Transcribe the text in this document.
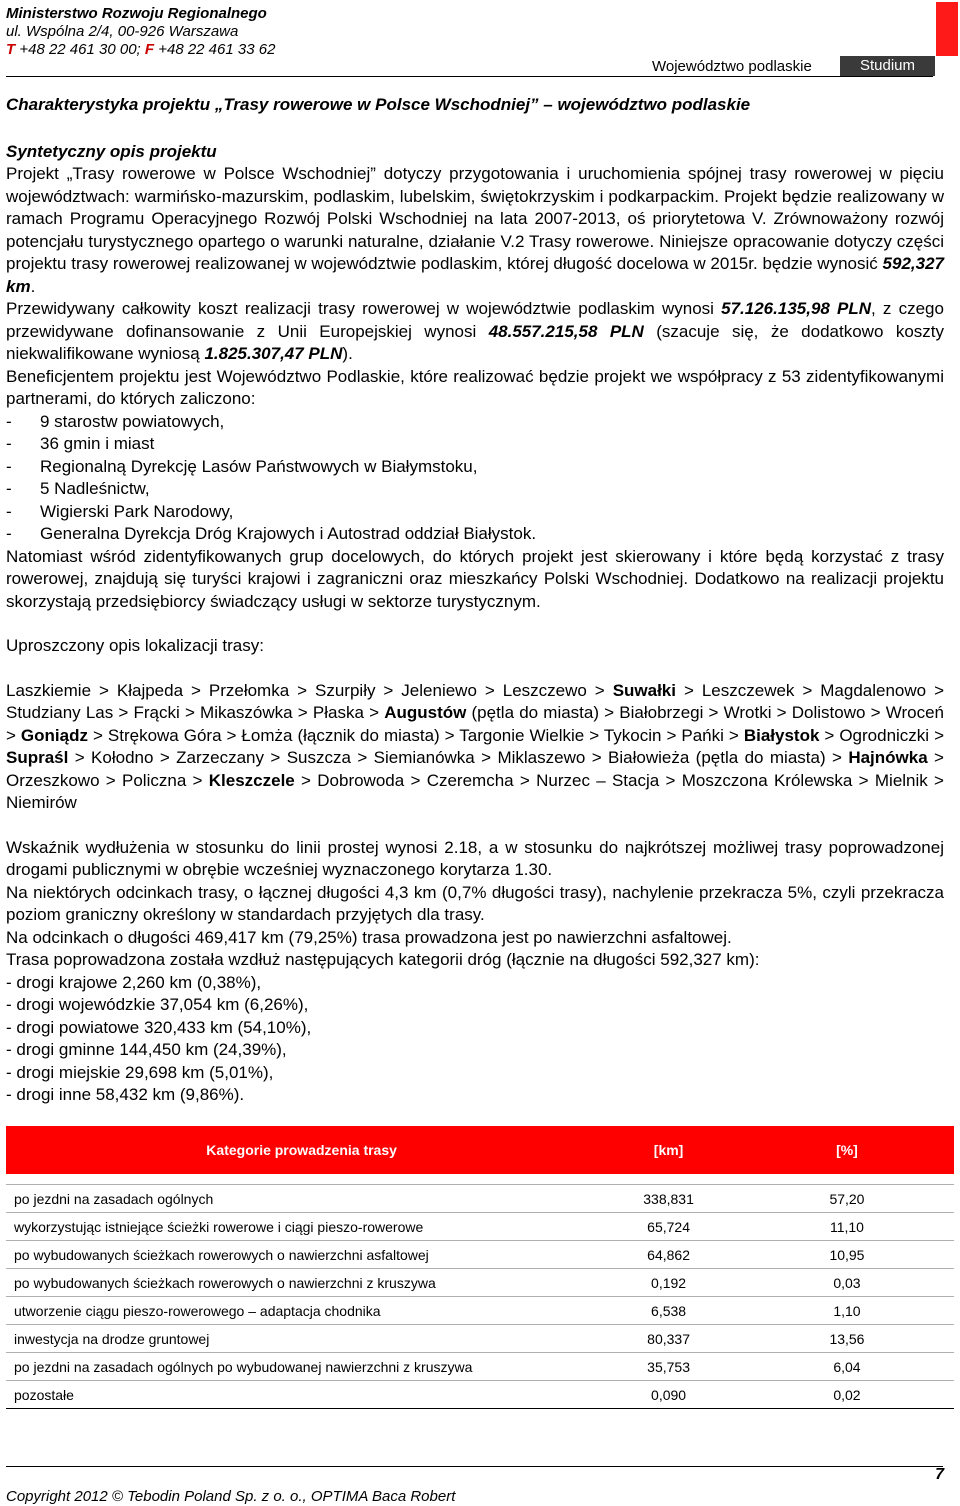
Ministerstwo Rozwoju Regionalnego
ul. Wspólna 2/4, 00-926 Warszawa
T +48 22 461 30 00; F +48 22 461 33 62
Województwo podlaskie	Studium
Charakterystyka projektu „Trasy rowerowe w Polsce Wschodniej” – województwo podlaskie
Syntetyczny opis projektu

Projekt „Trasy rowerowe w Polsce Wschodniej” dotyczy przygotowania i uruchomienia spójnej trasy rowerowej w pięciu województwach: warmińsko-mazurskim, podlaskim, lubelskim, świętokrzyskim i podkarpackim. Projekt będzie realizowany w ramach Programu Operacyjnego Rozwój Polski Wschodniej na lata 2007-2013, oś priorytetowa V. Zrównoważony rozwój potencjału turystycznego opartego o warunki naturalne, działanie V.2 Trasy rowerowe. Niniejsze opracowanie dotyczy części projektu trasy rowerowej realizowanej w województwie podlaskim, której długość docelowa w 2015r. będzie wynosić 592,327 km.

Przewidywany całkowity koszt realizacji trasy rowerowej w województwie podlaskim wynosi 57.126.135,98 PLN, z czego przewidywane dofinansowanie z Unii Europejskiej wynosi 48.557.215,58 PLN (szacuje się, że dodatkowo koszty niekwalifikowane wyniosą 1.825.307,47 PLN).

Beneficjentem projektu jest Województwo Podlaskie, które realizować będzie projekt we współpracy z 53 zidentyfikowanymi partnerami, do których zaliczono:

- 9 starostw powiatowych,
- 36 gmin i miast
- Regionalną Dyrekcję Lasów Państwowych w Białymstoku,
- 5 Nadleśnictw,
- Wigierski Park Narodowy,
- Generalna Dyrekcja Dróg Krajowych i Autostrad oddział Białystok.

Natomiast wśród zidentyfikowanych grup docelowych, do których projekt jest skierowany i które będą korzystać z trasy rowerowej, znajdują się turyści krajowi i zagraniczni oraz mieszkańcy Polski Wschodniej. Dodatkowo na realizacji projektu skorzystają przedsiębiorcy świadczący usługi w sektorze turystycznym.

Uproszczony opis lokalizacji trasy:

Laszkiemie > Kłajpeda > Przełomka > Szurpiły > Jeleniewo > Leszczewo > Suwałki > Leszczewek > Magdalenowo > Studziany Las > Frącki > Mikaszówka > Płaska > Augustów (pętla do miasta) > Białobrzegi > Wrotki > Dolistowo > Wroceń > Goniądz > Strękowa Góra > Łomża (łącznik do miasta) > Targonie Wielkie > Tykocin > Pańki > Białystok > Ogrodniczki > Supraśl > Kołodno > Zarzeczany > Suszcza > Siemianówka > Miklaszewo > Białowieża (pętla do miasta) > Hajnówka > Orzeszkowo > Policzna > Kleszczele > Dobrowoda > Czeremcha > Nurzec – Stacja > Moszczona Królewska > Mielnik > Niemirów

Wskaźnik wydłużenia w stosunku do linii prostej wynosi 2.18, a w stosunku do najkrótszej możliwej trasy poprowadzonej drogami publicznymi w obrębie wcześniej wyznaczonego korytarza 1.30.

Na niektórych odcinkach trasy, o łącznej długości 4,3 km (0,7% długości trasy), nachylenie przekracza 5%, czyli przekracza poziom graniczny określony w standardach przyjętych dla trasy.

Na odcinkach o długości 469,417 km (79,25%) trasa prowadzona jest po nawierzchni asfaltowej.

Trasa poprowadzona została wzdłuż następujących kategorii dróg (łącznie na długości 592,327 km):

- drogi krajowe 2,260 km (0,38%),
- drogi wojewódzkie 37,054 km (6,26%),
- drogi powiatowe 320,433 km (54,10%),
- drogi gminne 144,450 km (24,39%),
- drogi miejskie 29,698 km (5,01%),
- drogi inne 58,432 km (9,86%).
Kategorie prowadzenia trasy	[km]	[%]

po jezdni na zasadach ogólnych	338,831	57,20
wykorzystując istniejące ścieżki rowerowe i ciągi pieszo-rowerowe	65,724	11,10
po wybudowanych ścieżkach rowerowych o nawierzchni asfaltowej	64,862	10,95
po wybudowanych ścieżkach rowerowych o nawierzchni z kruszywa	0,192	0,03
utworzenie ciągu pieszo-rowerowego – adaptacja chodnika	6,538	1,10
inwestycja na drodze gruntowej	80,337	13,56
po jezdni na zasadach ogólnych po wybudowanej nawierzchni z kruszywa	35,753	6,04
pozostałe	0,090	0,02
Copyright 2012 © Tebodin Poland Sp. z o. o., OPTIMA Baca Robert
7
